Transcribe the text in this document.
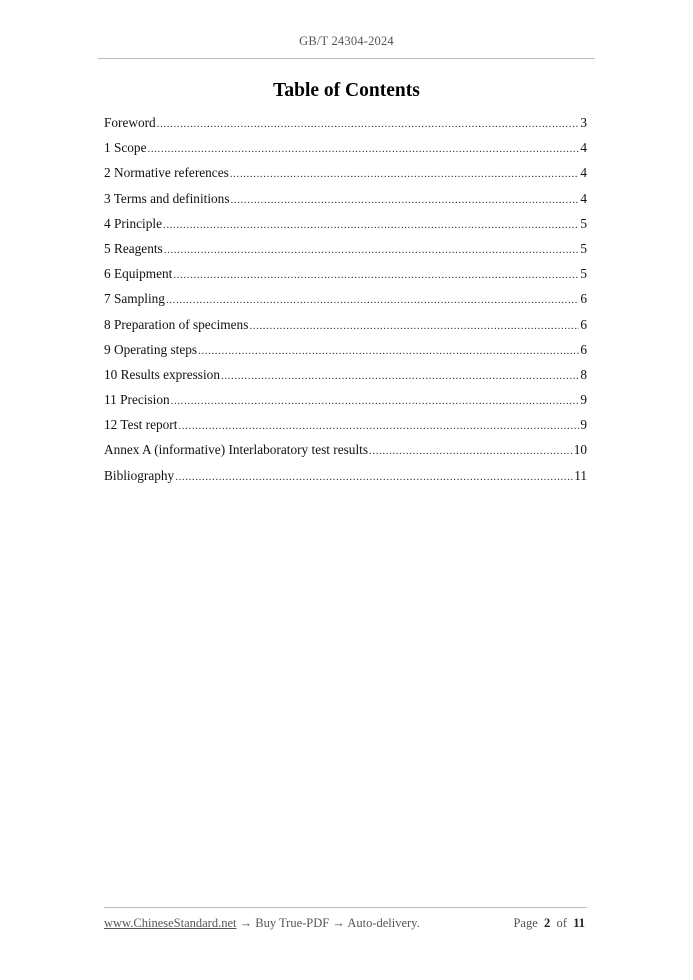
GB/T 24304-2024
Table of Contents
Foreword .....	3
1 Scope .....	4
2 Normative references .....	4
3 Terms and definitions .....	4
4 Principle .....	5
5 Reagents .....	5
6 Equipment .....	5
7 Sampling .....	6
8 Preparation of specimens .....	6
9 Operating steps .....	6
10 Results expression .....	8
11 Precision .....	9
12 Test report .....	9
Annex A (informative) Interlaboratory test results .....	10
Bibliography .....	11
www.ChineseStandard.net → Buy True-PDF → Auto-delivery.	Page 2 of 11
